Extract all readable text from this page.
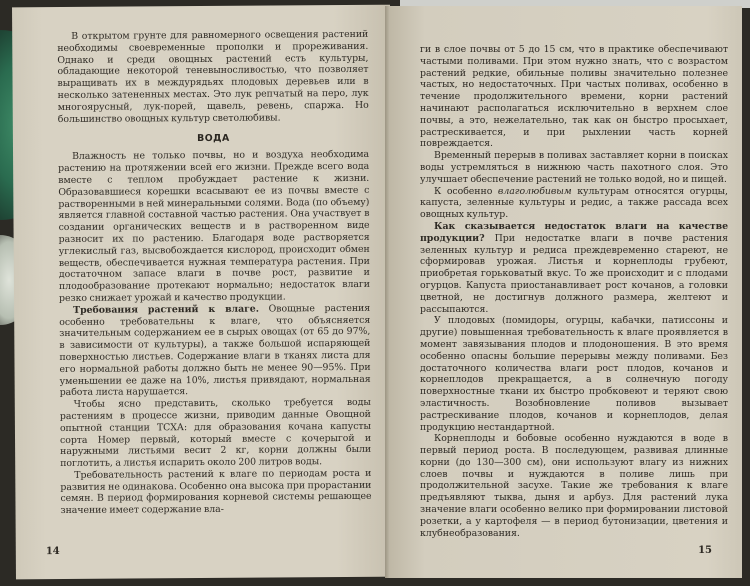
В открытом грунте для равномерного освещения растений необходимы своевременные прополки и прореживания. Однако и среди овощных растений есть культуры, обладающие некоторой теневыносливостью, что позволяет выращивать их в междурядьях плодовых деревьев или в несколько затененных местах. Это лук репчатый на перо, лук многоярусный, лук-порей, щавель, ревень, спаржа. Но большинство овощных культур светолюбивы.

ВОДА

Влажность не только почвы, но и воздуха необходима растению на протяжении всей его жизни. Прежде всего вода вместе с теплом пробуждает растение к жизни. Образовавшиеся корешки всасывают ее из почвы вместе с растворенными в ней минеральными солями. Вода (по объему) является главной составной частью растения. Она участвует в создании органических веществ и в растворенном виде разносит их по растению. Благодаря воде растворяется углекислый газ, высвобождается кислород, происходит обмен веществ, обеспечивается нужная температура растения. При достаточном запасе влаги в почве рост, развитие и плодообразование протекают нормально; недостаток влаги резко снижает урожай и качество продукции.

Требования растений к влаге. Овощные растения особенно требовательны к влаге, что объясняется значительным содержанием ее в сырых овощах (от 65 до 97%, в зависимости от культуры), а также большой испаряющей поверхностью листьев. Содержание влаги в тканях листа для его нормальной работы должно быть не менее 90—95%. При уменьшении ее даже на 10%, листья привядают, нормальная работа листа нарушается.

Чтобы ясно представить, сколько требуется воды растениям в процессе жизни, приводим данные Овощной опытной станции ТСХА: для образования кочана капусты сорта Номер первый, который вместе с кочерыгой и наружными листьями весит 2 кг, корни должны были поглотить, а листья испарить около 200 литров воды.

Требовательность растений к влаге по периодам роста и развития не одинакова. Особенно она высока при прорастании семян. В период формирования корневой системы решающее значение имеет содержание вла-

14

ги в слое почвы от 5 до 15 см, что в практике обеспечивают частыми поливами. При этом нужно знать, что с возрастом растений редкие, обильные поливы значительно полезнее частых, но недостаточных. При частых поливах, особенно в течение продолжительного времени, корни растений начинают располагаться исключительно в верхнем слое почвы, а это, нежелательно, так как он быстро просыхает, растрескивается, и при рыхлении часть корней повреждается.

Временный перерыв в поливах заставляет корни в поисках воды устремляться в нижнюю часть пахотного слоя. Это улучшает обеспечение растений не только водой, но и пищей.

К особенно влаголюбивым культурам относятся огурцы, капуста, зеленные культуры и редис, а также рассада всех овощных культур.

Как сказывается недостаток влаги на качестве продукции? При недостатке влаги в почве растения зеленных культур и редиса преждевременно стареют, не сформировав урожая. Листья и корнеплоды грубеют, приобретая горьковатый вкус. То же происходит и с плодами огурцов. Капуста приостанавливает рост кочанов, а головки цветной, не достигнув должного размера, желтеют и рассыпаются.

У плодовых (помидоры, огурцы, кабачки, патиссоны и другие) повышенная требовательность к влаге проявляется в момент завязывания плодов и плодоношения. В это время особенно опасны большие перерывы между поливами. Без достаточного количества влаги рост плодов, кочанов и корнеплодов прекращается, а в солнечную погоду поверхностные ткани их быстро пробковеют и теряют свою эластичность. Возобновление поливов вызывает растрескивание плодов, кочанов и корнеплодов, делая продукцию нестандартной.

Корнеплоды и бобовые особенно нуждаются в воде в первый период роста. В последующем, развивая длинные корни (до 130—300 см), они используют влагу из нижних слоев почвы и нуждаются в поливе лишь при продолжительной засухе. Такие же требования к влаге предъявляют тыква, дыня и арбуз. Для растений лука значение влаги особенно велико при формировании листовой розетки, а у картофеля — в период бутонизации, цветения и клубнеобразования.

15
